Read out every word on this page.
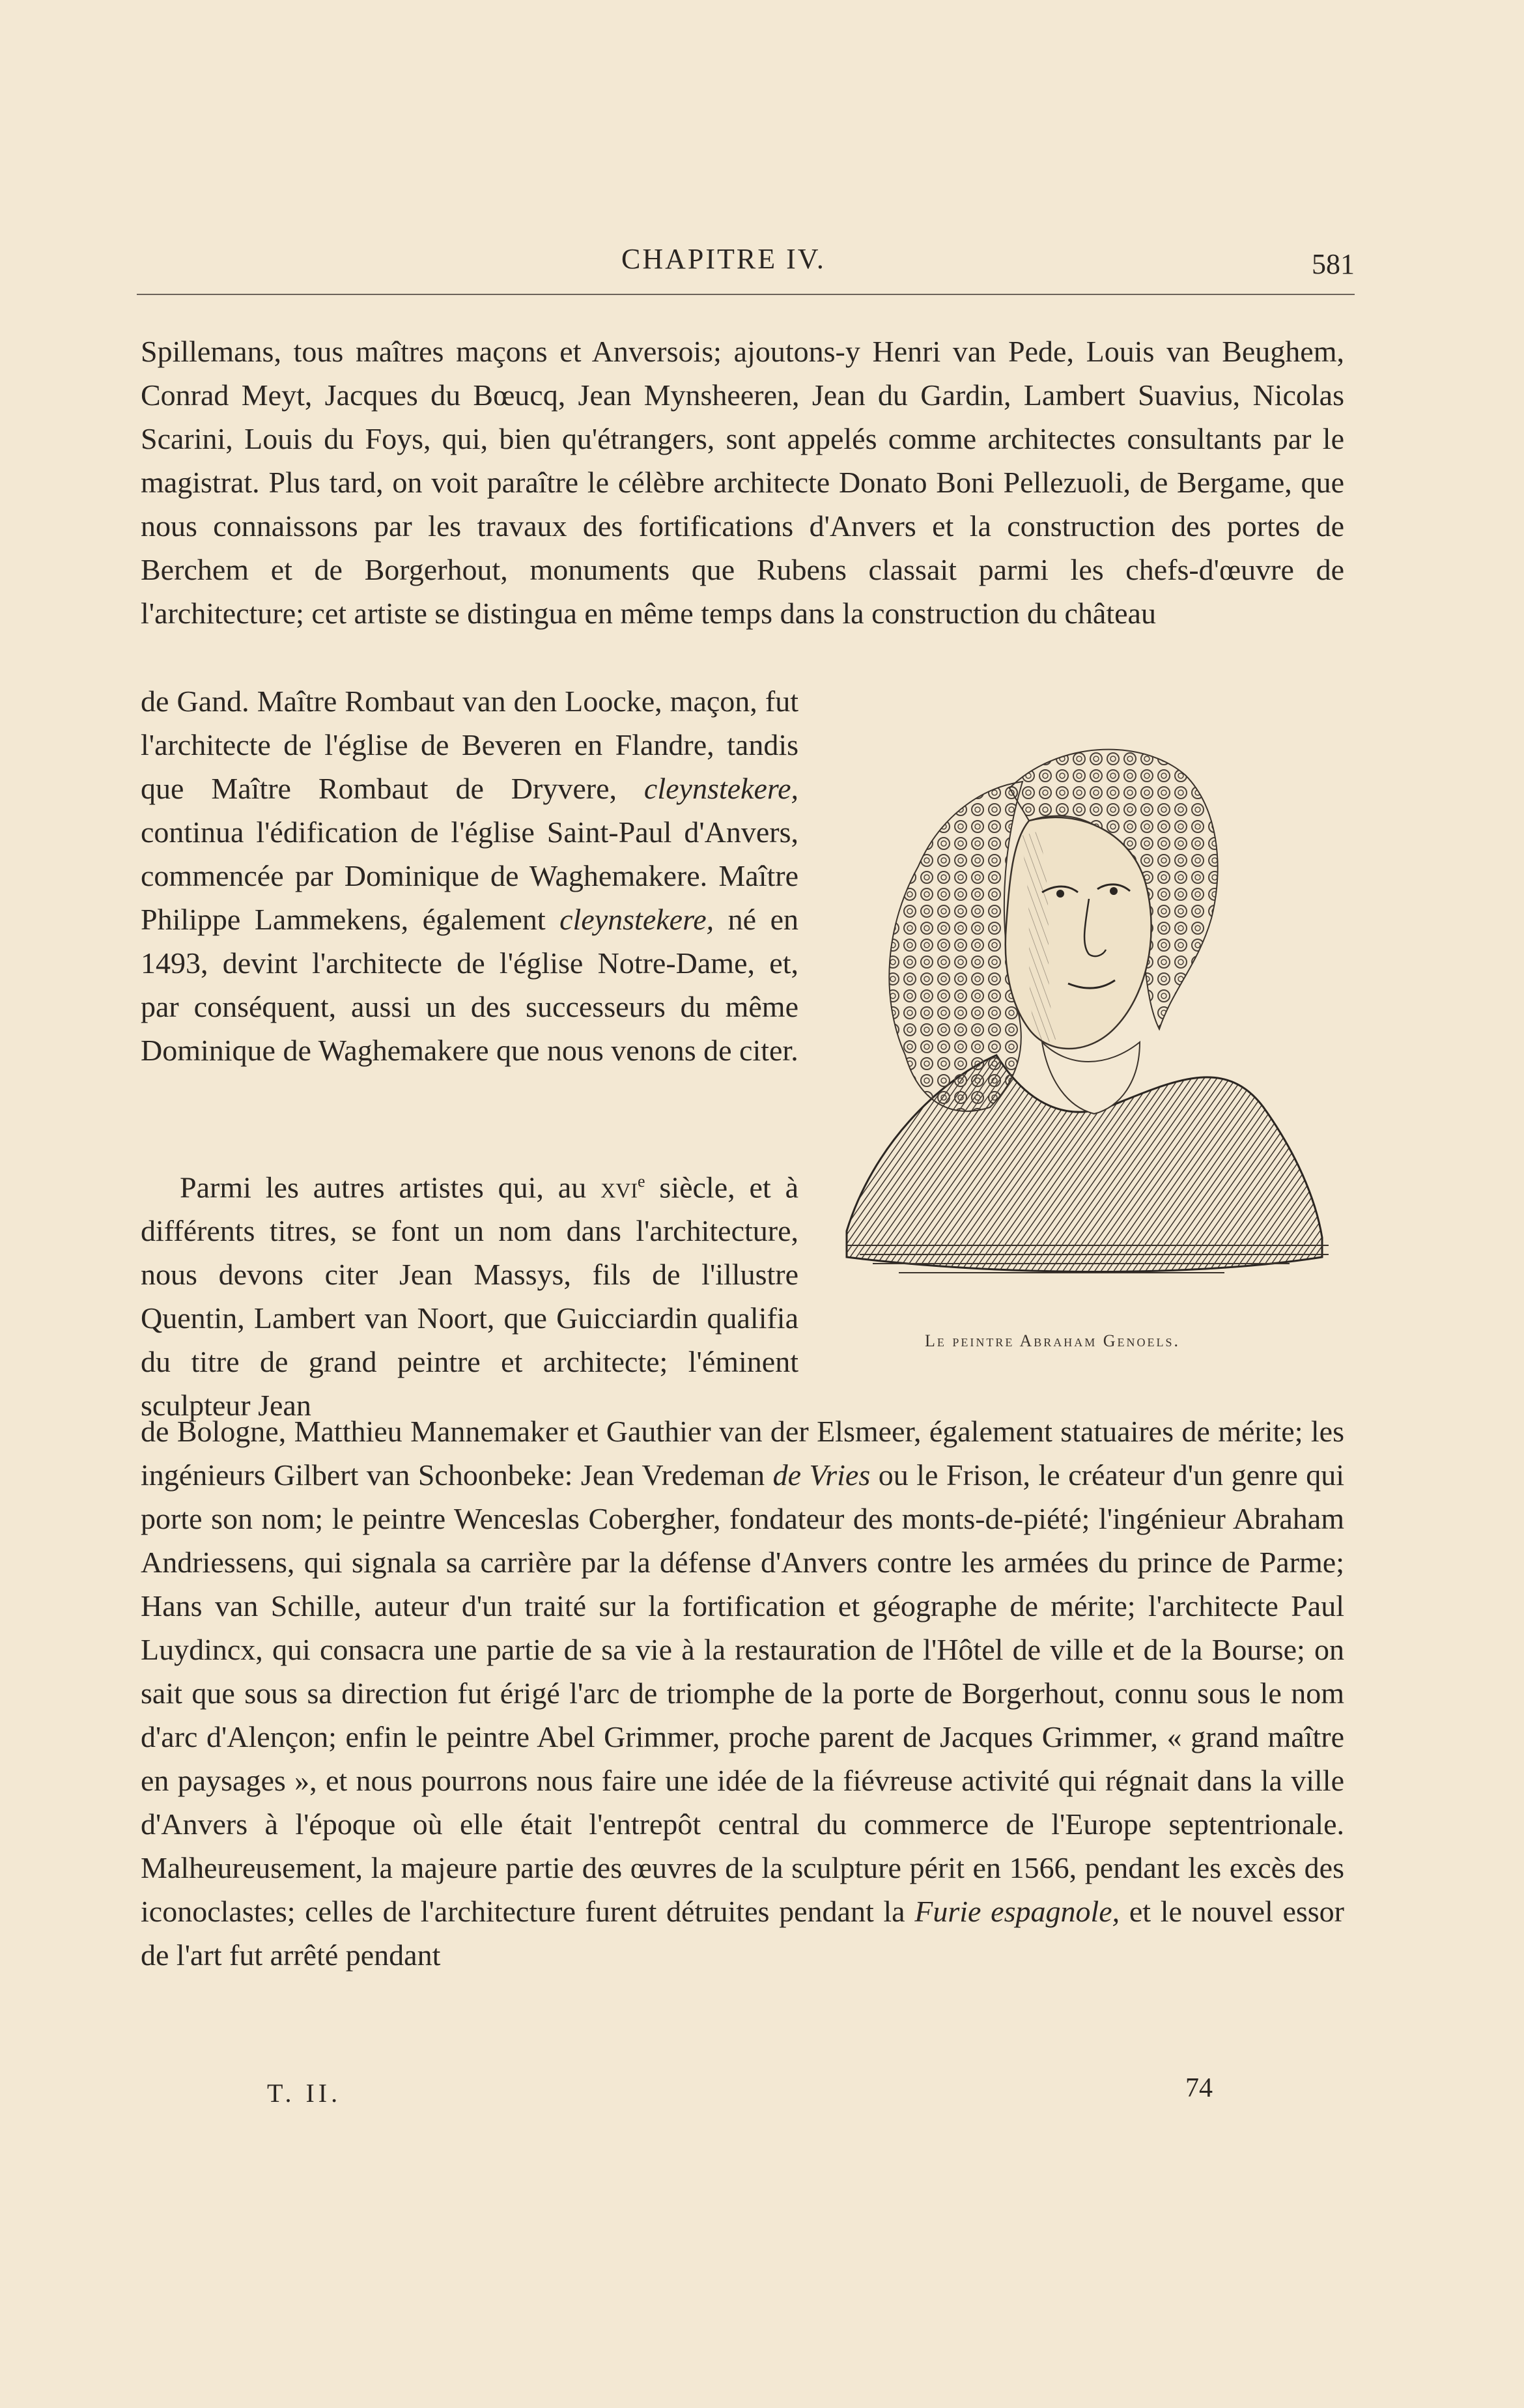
CHAPITRE IV.	581
Spillemans, tous maîtres maçons et Anversois; ajoutons-y Henri van Pede, Louis van Beughem, Conrad Meyt, Jacques du Bœucq, Jean Mynsheeren, Jean du Gardin, Lambert Suavius, Nicolas Scarini, Louis du Foys, qui, bien qu'étrangers, sont appelés comme architectes consultants par le magistrat. Plus tard, on voit paraître le célèbre architecte Donato Boni Pellezuoli, de Bergame, que nous connaissons par les travaux des fortifications d'Anvers et la construction des portes de Berchem et de Borgerhout, monuments que Rubens classait parmi les chefs-d'œuvre de l'architecture; cet artiste se distingua en même temps dans la construction du château
de Gand. Maître Rombaut van den Loocke, maçon, fut l'architecte de l'église de Beveren en Flandre, tandis que Maître Rombaut de Dryvere, cleynstekere, continua l'édification de l'église Saint-Paul d'Anvers, commencée par Dominique de Waghemakere. Maître Philippe Lammekens, également cleynstekere, né en 1493, devint l'architecte de l'église Notre-Dame, et, par conséquent, aussi un des successeurs du même Dominique de Waghemakere que nous venons de citer.
Parmi les autres artistes qui, au xvi$^e$ siècle, et à différents titres, se font un nom dans l'architecture, nous devons citer Jean Massys, fils de l'illustre Quentin, Lambert van Noort, que Guicciardin qualifia du titre de grand peintre et architecte; l'éminent sculpteur Jean
de Bologne, Matthieu Mannemaker et Gauthier van der Elsmeer, également statuaires de mérite; les ingénieurs Gilbert van Schoonbeke: Jean Vredeman de Vries ou le Frison, le créateur d'un genre qui porte son nom; le peintre Wenceslas Cobergher, fondateur des monts-de-piété; l'ingénieur Abraham Andriessens, qui signala sa carrière par la défense d'Anvers contre les armées du prince de Parme; Hans van Schille, auteur d'un traité sur la fortification et géographe de mérite; l'architecte Paul Luydincx, qui consacra une partie de sa vie à la restauration de l'Hôtel de ville et de la Bourse; on sait que sous sa direction fut érigé l'arc de triomphe de la porte de Borgerhout, connu sous le nom d'arc d'Alençon; enfin le peintre Abel Grimmer, proche parent de Jacques Grimmer, « grand maître en paysages », et nous pourrons nous faire une idée de la fiévreuse activité qui régnait dans la ville d'Anvers à l'époque où elle était l'entrepôt central du commerce de l'Europe septentrionale. Malheureusement, la majeure partie des œuvres de la sculpture périt en 1566, pendant les excès des iconoclastes; celles de l'architecture furent détruites pendant la Furie espagnole, et le nouvel essor de l'art fut arrêté pendant
Le peintre Abraham Genoels.
T. II.	74
